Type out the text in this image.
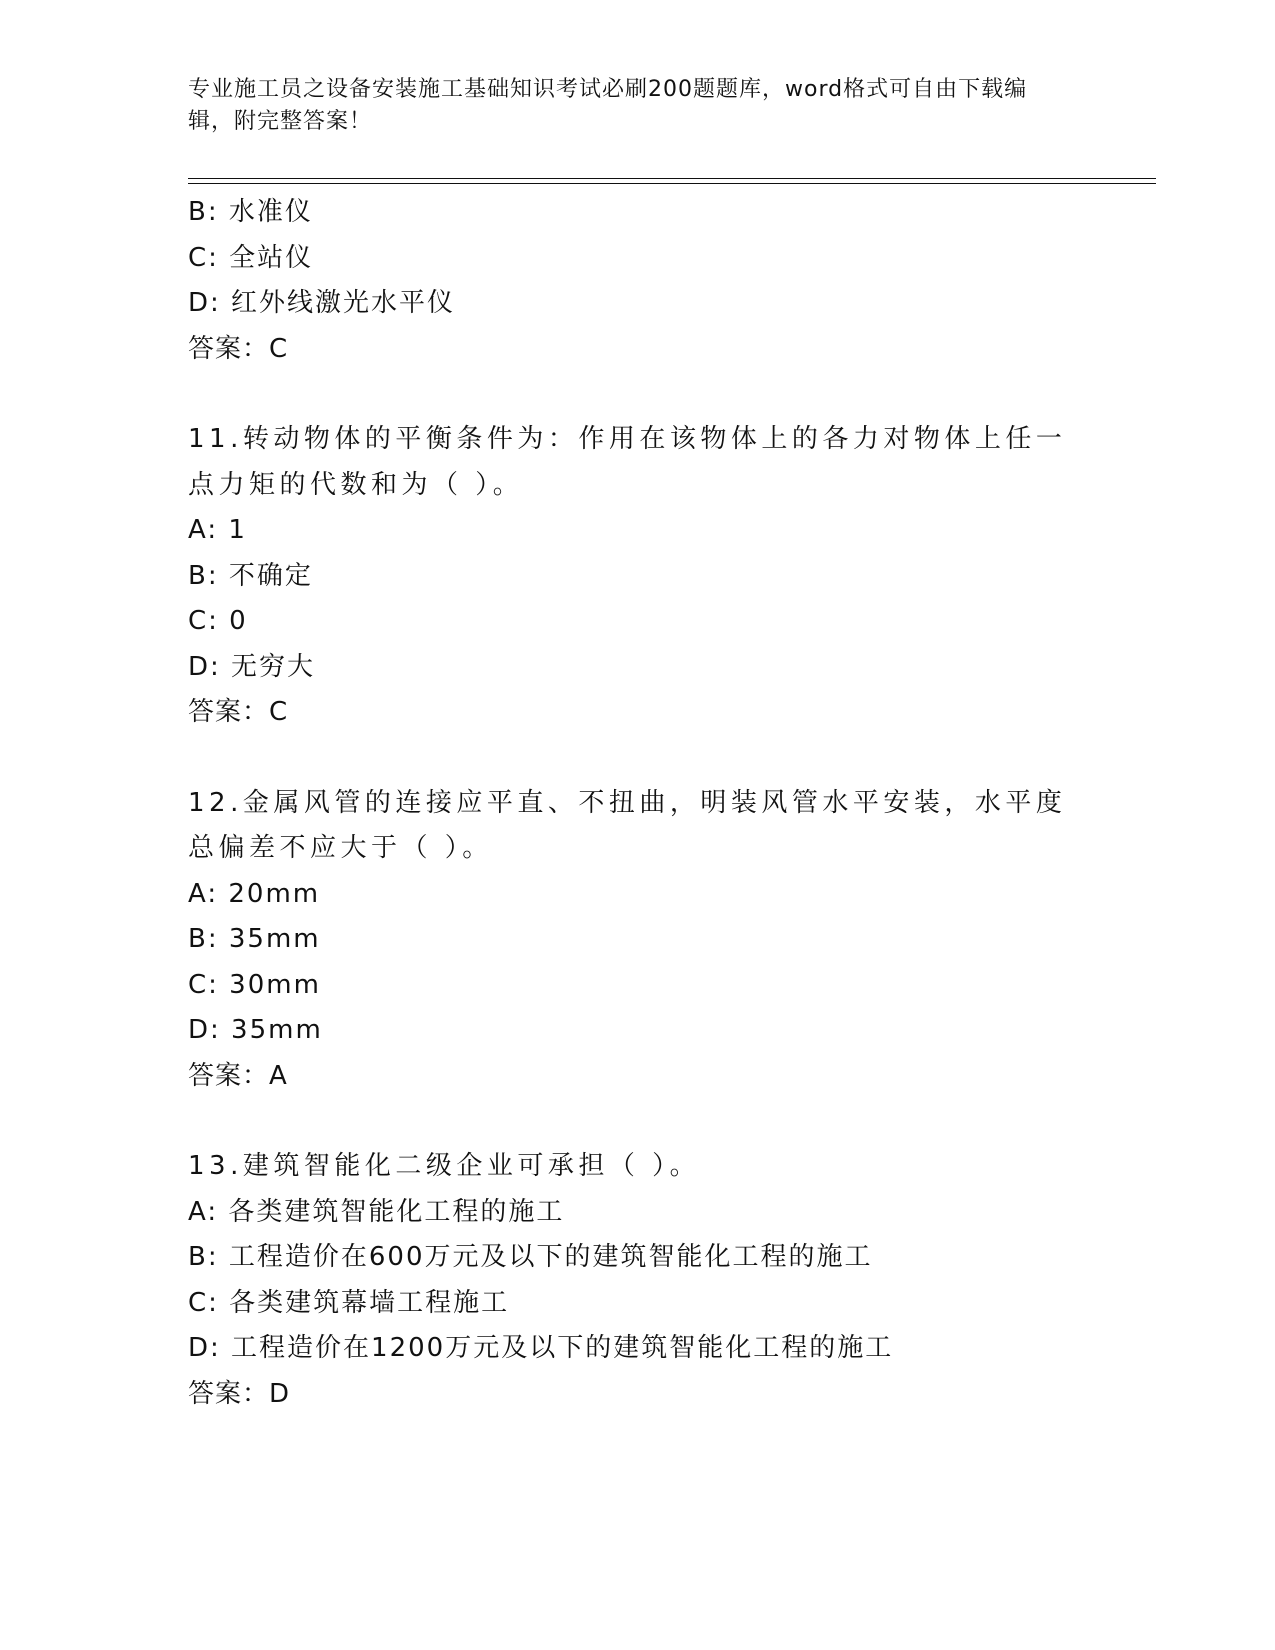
专业施工员之设备安装施工基础知识考试必刷200题题库，word格式可自由下载编辑，附完整答案！
B: 水准仪
C: 全站仪
D: 红外线激光水平仪
答案：C
11.转动物体的平衡条件为：作用在该物体上的各力对物体上任一点力矩的代数和为（ ）。
A: 1
B: 不确定
C: 0
D: 无穷大
答案：C
12.金属风管的连接应平直、不扭曲，明装风管水平安装，水平度总偏差不应大于（ ）。
A: 20mm
B: 35mm
C: 30mm
D: 35mm
答案：A
13.建筑智能化二级企业可承担（ ）。
A: 各类建筑智能化工程的施工
B: 工程造价在600万元及以下的建筑智能化工程的施工
C: 各类建筑幕墙工程施工
D: 工程造价在1200万元及以下的建筑智能化工程的施工
答案：D
